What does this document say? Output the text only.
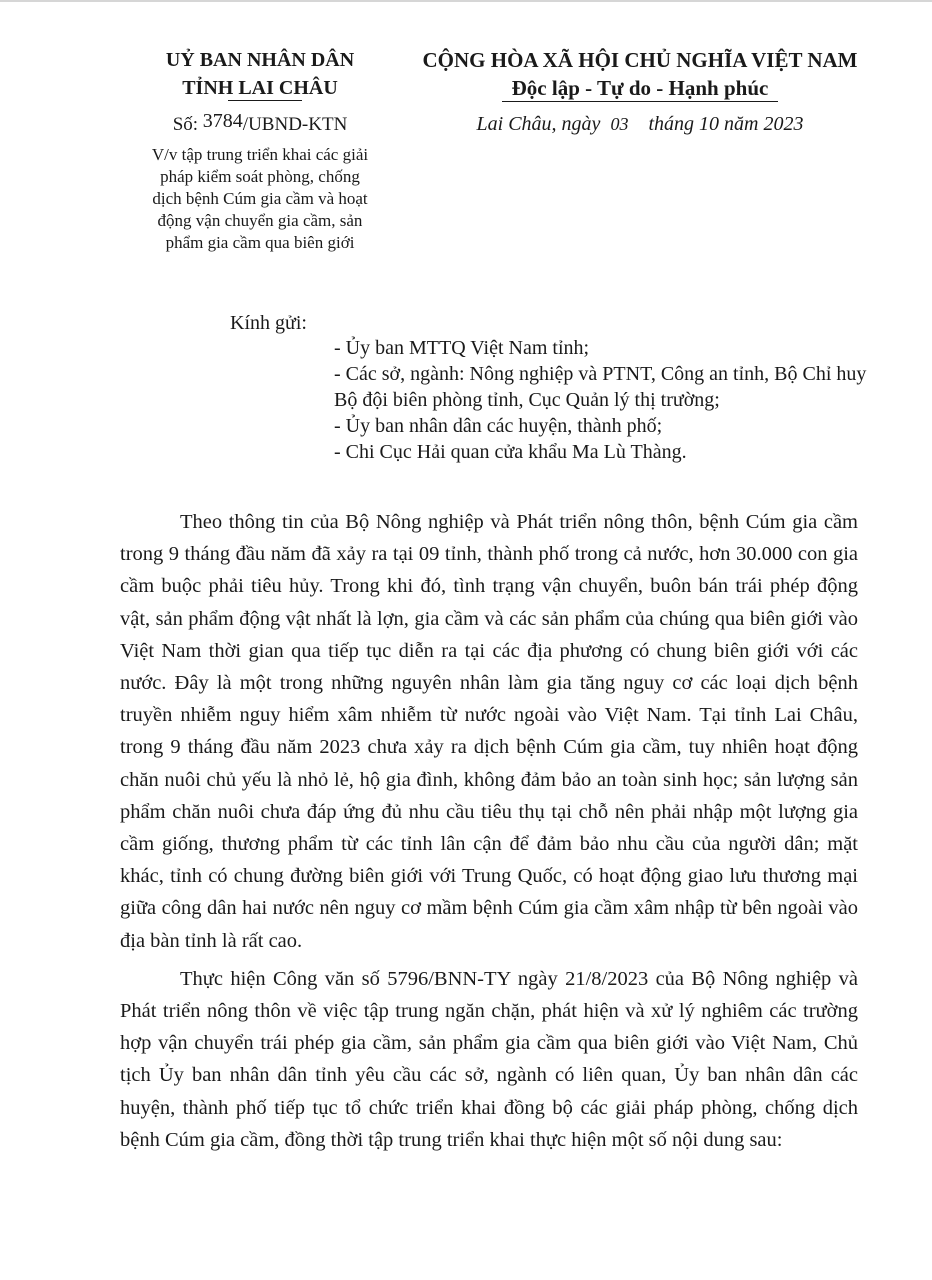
UỶ BAN NHÂN DÂN
TỈNH LAI CHÂU
Số: 3784/UBND-KTN
V/v tập trung triển khai các giải
pháp kiểm soát phòng, chống
dịch bệnh Cúm gia cầm và hoạt
động vận chuyển gia cầm, sản
phẩm gia cầm qua biên giới
CỘNG HÒA XÃ HỘI CHỦ NGHĨA VIỆT NAM
Độc lập - Tự do - Hạnh phúc
Lai Châu, ngày 03 tháng 10 năm 2023
Kính gửi:
- Ủy ban MTTQ Việt Nam tỉnh;
- Các sở, ngành: Nông nghiệp và PTNT, Công an tỉnh, Bộ Chỉ huy Bộ đội biên phòng tỉnh, Cục Quản lý thị trường;
- Ủy ban nhân dân các huyện, thành phố;
- Chi Cục Hải quan cửa khẩu Ma Lù Thàng.

Theo thông tin của Bộ Nông nghiệp và Phát triển nông thôn, bệnh Cúm gia cầm trong 9 tháng đầu năm đã xảy ra tại 09 tỉnh, thành phố trong cả nước, hơn 30.000 con gia cầm buộc phải tiêu hủy. Trong khi đó, tình trạng vận chuyển, buôn bán trái phép động vật, sản phẩm động vật nhất là lợn, gia cầm và các sản phẩm của chúng qua biên giới vào Việt Nam thời gian qua tiếp tục diễn ra tại các địa phương có chung biên giới với các nước. Đây là một trong những nguyên nhân làm gia tăng nguy cơ các loại dịch bệnh truyền nhiễm nguy hiểm xâm nhiễm từ nước ngoài vào Việt Nam. Tại tỉnh Lai Châu, trong 9 tháng đầu năm 2023 chưa xảy ra dịch bệnh Cúm gia cầm, tuy nhiên hoạt động chăn nuôi chủ yếu là nhỏ lẻ, hộ gia đình, không đảm bảo an toàn sinh học; sản lượng sản phẩm chăn nuôi chưa đáp ứng đủ nhu cầu tiêu thụ tại chỗ nên phải nhập một lượng gia cầm giống, thương phẩm từ các tỉnh lân cận để đảm bảo nhu cầu của người dân; mặt khác, tỉnh có chung đường biên giới với Trung Quốc, có hoạt động giao lưu thương mại giữa công dân hai nước nên nguy cơ mầm bệnh Cúm gia cầm xâm nhập từ bên ngoài vào địa bàn tỉnh là rất cao.

Thực hiện Công văn số 5796/BNN-TY ngày 21/8/2023 của Bộ Nông nghiệp và Phát triển nông thôn về việc tập trung ngăn chặn, phát hiện và xử lý nghiêm các trường hợp vận chuyển trái phép gia cầm, sản phẩm gia cầm qua biên giới vào Việt Nam, Chủ tịch Ủy ban nhân dân tỉnh yêu cầu các sở, ngành có liên quan, Ủy ban nhân dân các huyện, thành phố tiếp tục tổ chức triển khai đồng bộ các giải pháp phòng, chống dịch bệnh Cúm gia cầm, đồng thời tập trung triển khai thực hiện một số nội dung sau:
